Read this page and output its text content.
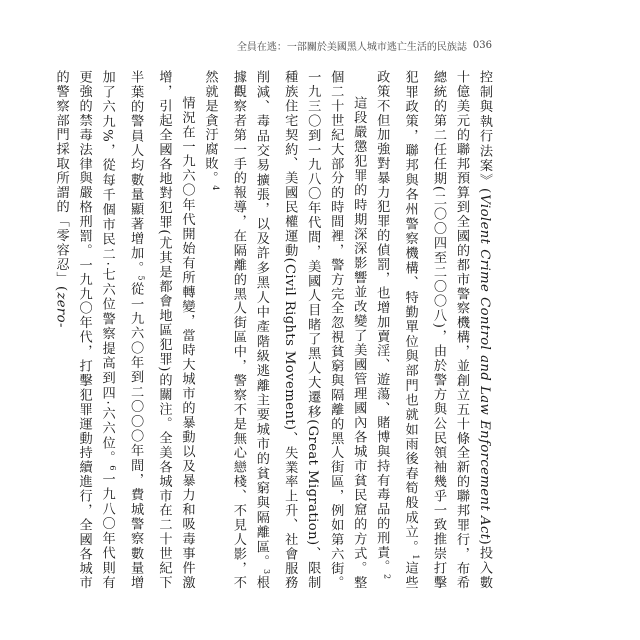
全員在逃：一部關於美國黑人城市逃亡生活的民族誌 036

控制與執行法案》(Violent Crime Control and Law Enforcement Act)投入數十億美元的聯邦預算到全國的都市警察機構，並創立五十條全新的聯邦罪行，布希總統的第二任任期(二〇〇四至二〇〇八)，由於警方與公民領袖幾乎一致推崇打擊犯罪政策，聯邦與各州警察機構、特勤單位與部門也就如雨後春筍般成立。$^1$這些政策不但加強對暴力犯罪的偵罰，也增加賣淫、遊蕩、賭博與持有毒品的刑責。$^2$

這段嚴懲犯罪的時期深深影響並改變了美國管理國內各城市貧民窟的方式。整個二十世紀大部分的時間裡，警方完全忽視貧窮與隔離的黑人街區，例如第六街。一九三〇到一九八〇年代間，美國人目睹了黑人大遷移(Great Migration)、限制種族住宅契約、美國民權運動(Civil Rights Movement)、失業率上升、社會服務削減、毒品交易擴張，以及許多黑人中產階級逃離主要城市的貧窮與隔離區。$^3$根據觀察者第一手的報導，在隔離的黑人街區中，警察不是無心戀棧、不見人影，不然就是貪汙腐敗。$^4$

情況在一九六〇年代開始有所轉變，當時大城市的暴動以及暴力和吸毒事件激增，引起全國各地對犯罪(尤其是都會地區犯罪)的關注。全美各城市在二十世紀下半葉的警員人均數量顯著增加。$^5$從一九六〇年到二〇〇〇年間，費城警察數量增加了六九%，從每千個市民二‧七六位警察提高到四‧六六位。$^6$一九八〇年代則有更強的禁毒法律與嚴格刑罰。一九九〇年代，打擊犯罪運動持續進行，全國各城市的警察部門採取所謂的「零容忍」(zero-
